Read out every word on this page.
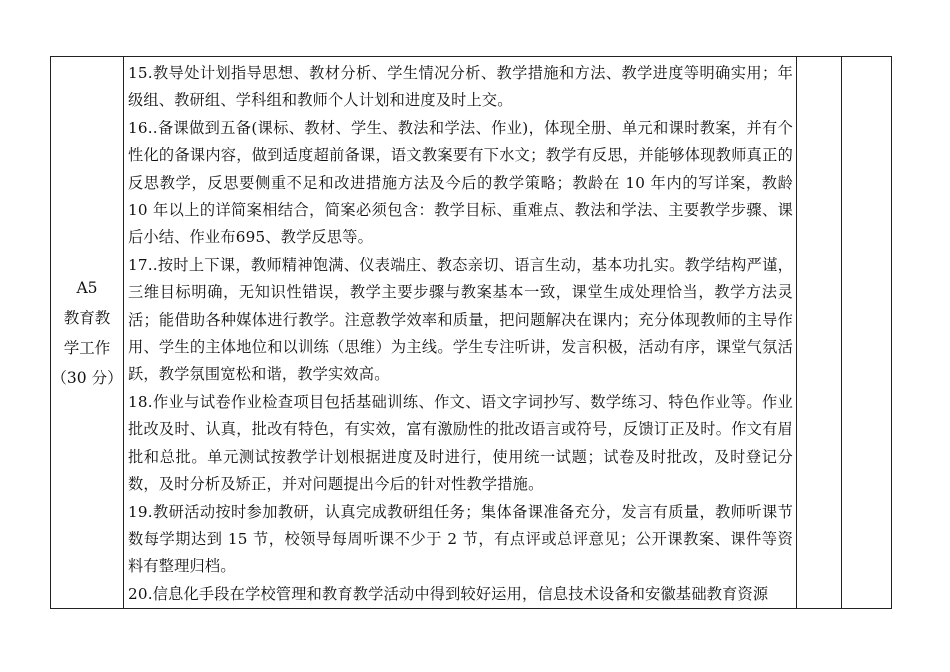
A5
教育教
学工作
（30 分）

15.教导处计划指导思想、教材分析、学生情况分析、教学措施和方法、教学进度等明确实用；年级组、教研组、学科组和教师个人计划和进度及时上交。

16..备课做到五备(课标、教材、学生、教法和学法、作业)，体现全册、单元和课时教案，并有个性化的备课内容，做到适度超前备课，语文教案要有下水文；教学有反思，并能够体现教师真正的反思教学，反思要侧重不足和改进措施方法及今后的教学策略；教龄在 10 年内的写详案，教龄 10 年以上的详简案相结合，简案必须包含：教学目标、重难点、教法和学法、主要教学步骤、课后小结、作业布695、教学反思等。

17..按时上下课，教师精神饱满、仪表端庄、教态亲切、语言生动，基本功扎实。教学结构严谨，三维目标明确，无知识性错误，教学主要步骤与教案基本一致，课堂生成处理恰当，教学方法灵活；能借助各种媒体进行教学。注意教学效率和质量，把问题解决在课内；充分体现教师的主导作用、学生的主体地位和以训练（思维）为主线。学生专注听讲，发言积极，活动有序，课堂气氛活跃，教学氛围宽松和谐，教学实效高。

18.作业与试卷作业检查项目包括基础训练、作文、语文字词抄写、数学练习、特色作业等。作业批改及时、认真，批改有特色，有实效，富有激励性的批改语言或符号，反馈订正及时。作文有眉批和总批。单元测试按教学计划根据进度及时进行，使用统一试题；试卷及时批改，及时登记分数，及时分析及矫正，并对问题提出今后的针对性教学措施。

19.教研活动按时参加教研，认真完成教研组任务；集体备课准备充分，发言有质量，教师听课节数每学期达到 15 节，校领导每周听课不少于 2 节，有点评或总评意见；公开课教案、课件等资料有整理归档。

20.信息化手段在学校管理和教育教学活动中得到较好运用，信息技术设备和安徽基础教育资源
